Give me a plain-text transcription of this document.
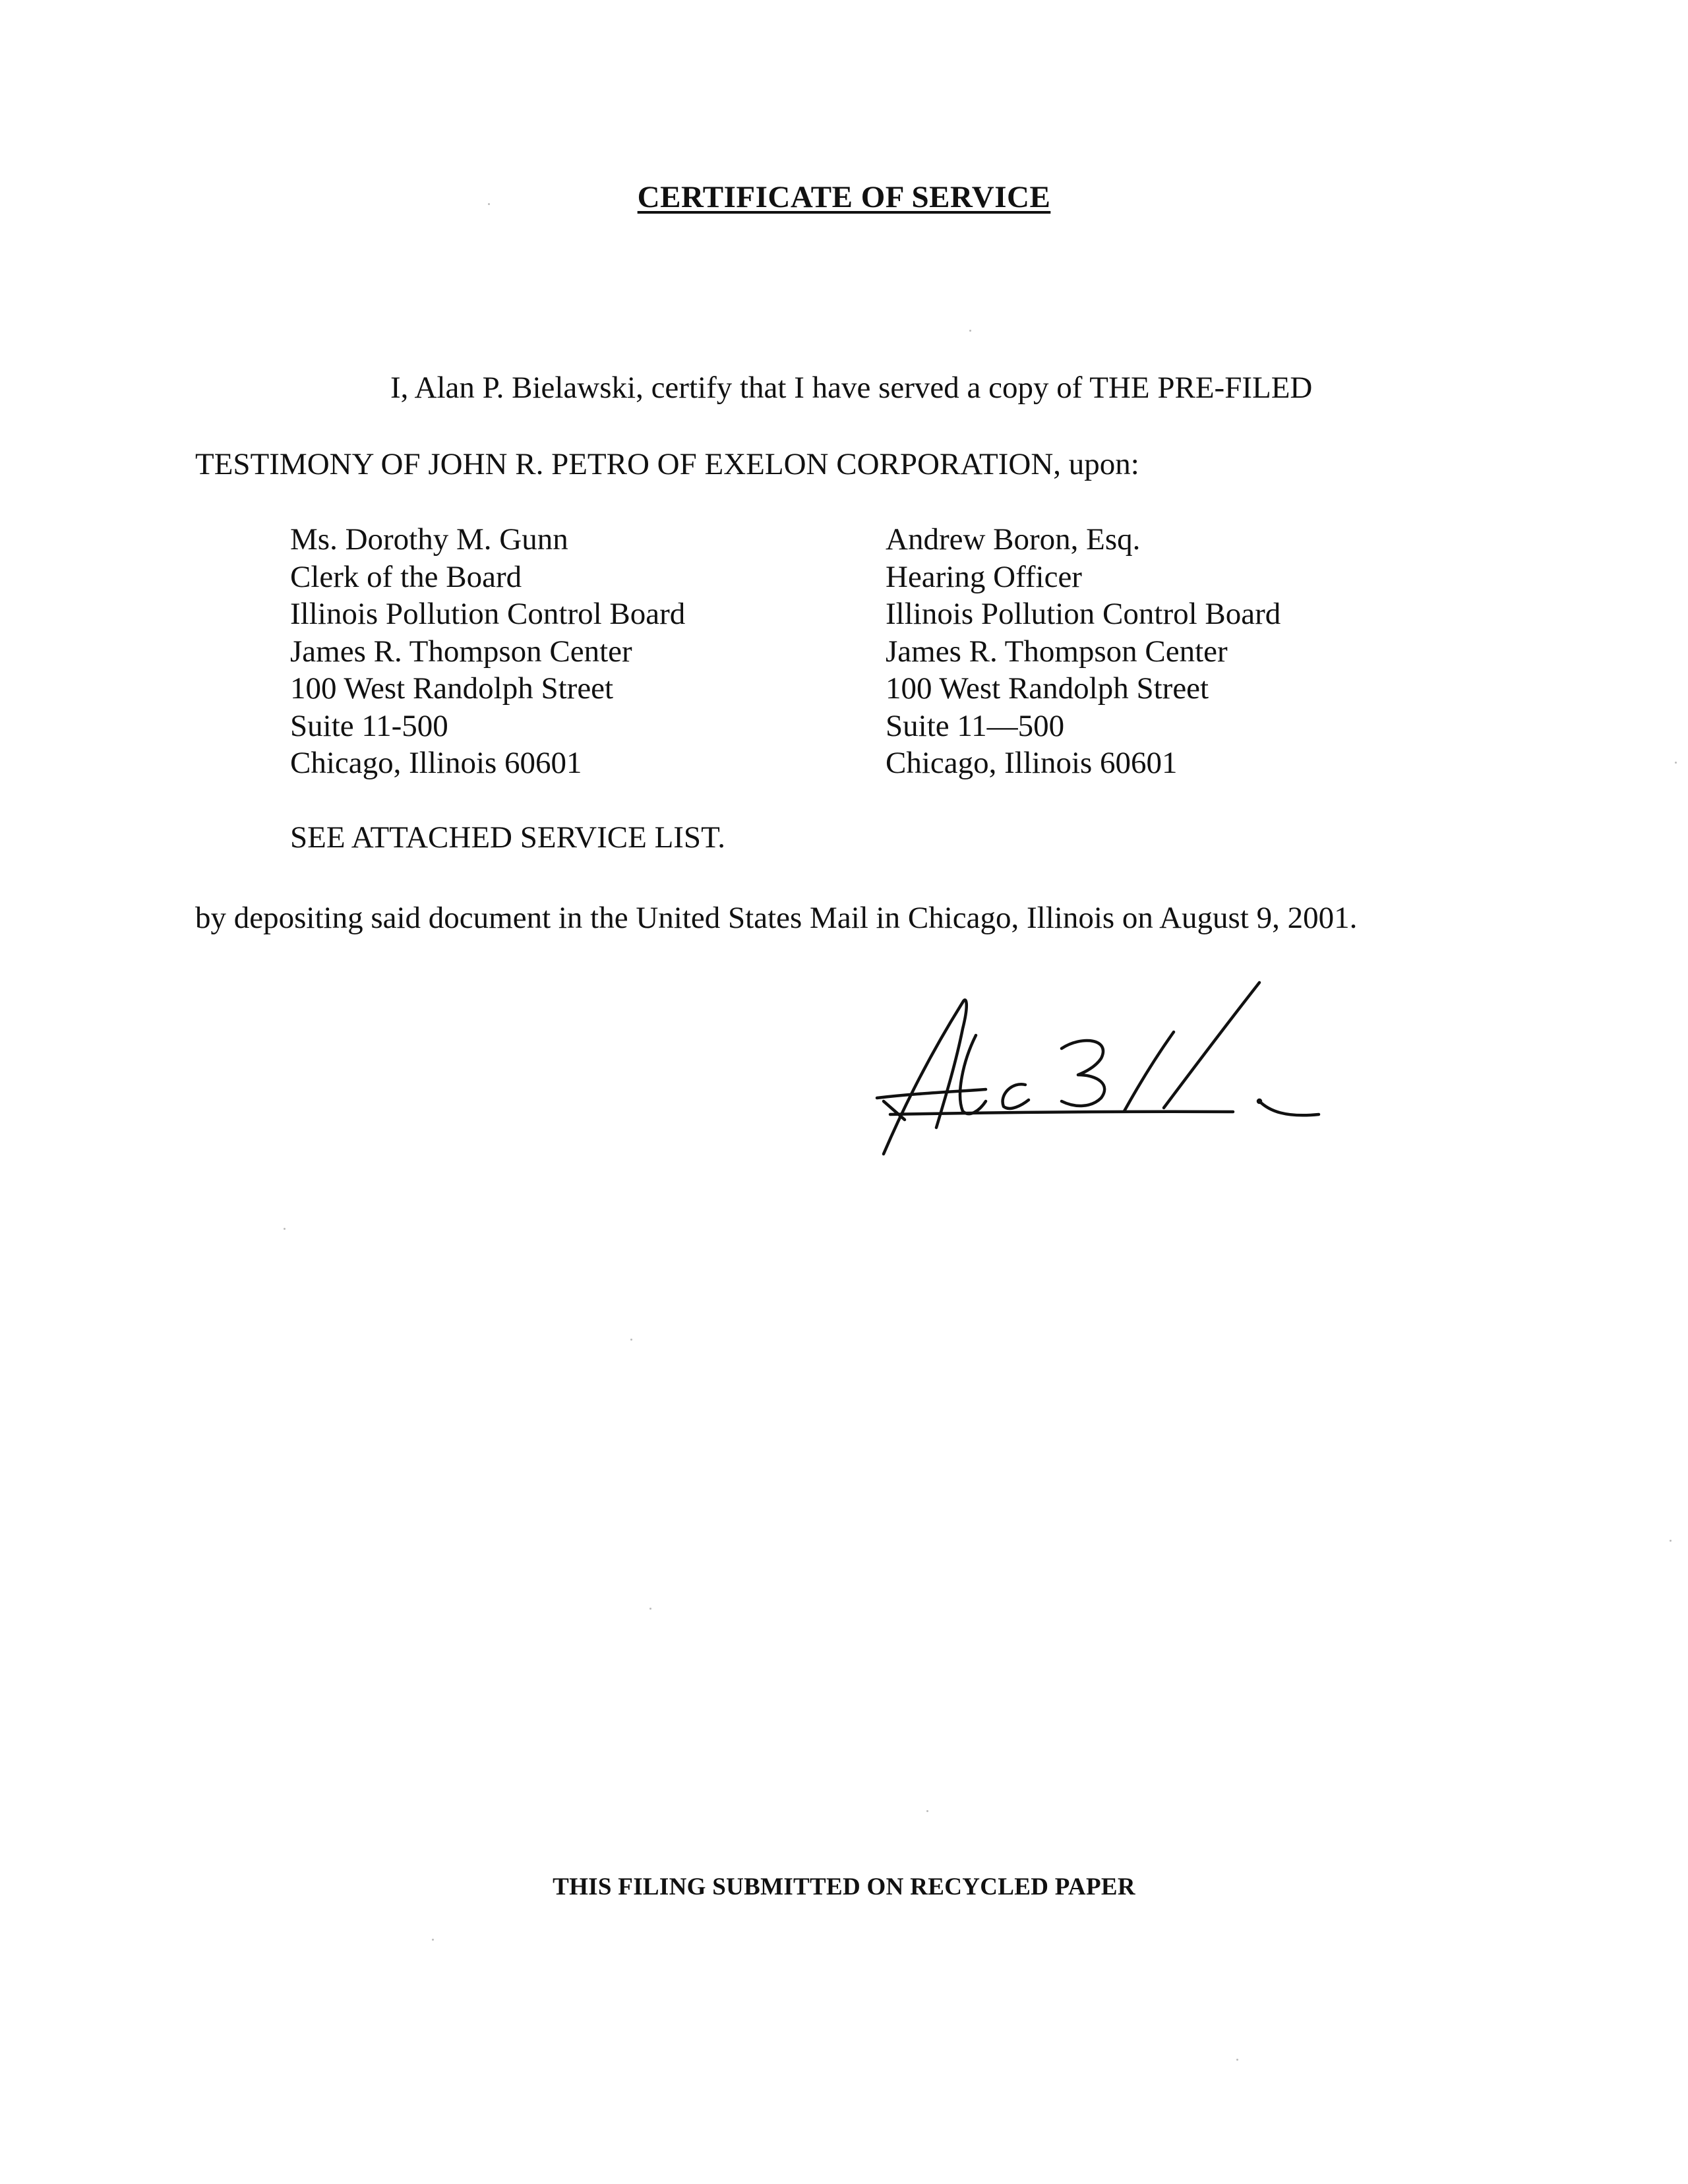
CERTIFICATE OF SERVICE
I, Alan P. Bielawski, certify that I have served a copy of THE PRE-FILED
TESTIMONY OF JOHN R. PETRO OF EXELON CORPORATION, upon:
Ms. Dorothy M. Gunn
Clerk of the Board
Illinois Pollution Control Board
James R. Thompson Center
100 West Randolph Street
Suite 11-500
Chicago, Illinois 60601
Andrew Boron, Esq.
Hearing Officer
Illinois Pollution Control Board
James R. Thompson Center
100 West Randolph Street
Suite 11—500
Chicago, Illinois 60601
SEE ATTACHED SERVICE LIST.
by depositing said document in the United States Mail in Chicago, Illinois on August 9, 2001.
THIS FILING SUBMITTED ON RECYCLED PAPER
